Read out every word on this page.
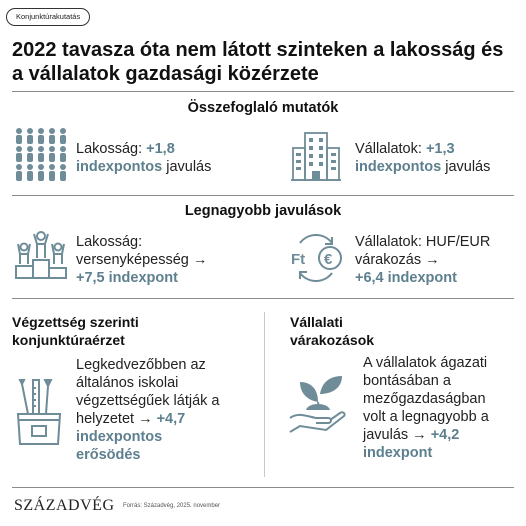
Konjunktúrakutatás
2022 tavasza óta nem látott szinteken a lakosság és a vállalatok gazdasági közérzete
Összefoglaló mutatók
Lakosság: +1,8
indexpontos javulás
Vállalatok: +1,3
indexpontos javulás
Legnagyobb javulások
Lakosság:
versenyképesség →
+7,5 indexpont
Ft €
Vállalatok: HUF/EUR
várakozás →
+6,4 indexpont
Végzettség szerinti
konjunktúraérzet
Legkedvezőbben az
általános iskolai
végzettségűek látják a
helyzetet → +4,7
indexpontos
erősödés
Vállalati
várakozások
A vállalatok ágazati
bontásában a
mezőgazdaságban
volt a legnagyobb a
javulás → +4,2
indexpont
SZÁZADVÉG Forrás: Századvég, 2025. november
